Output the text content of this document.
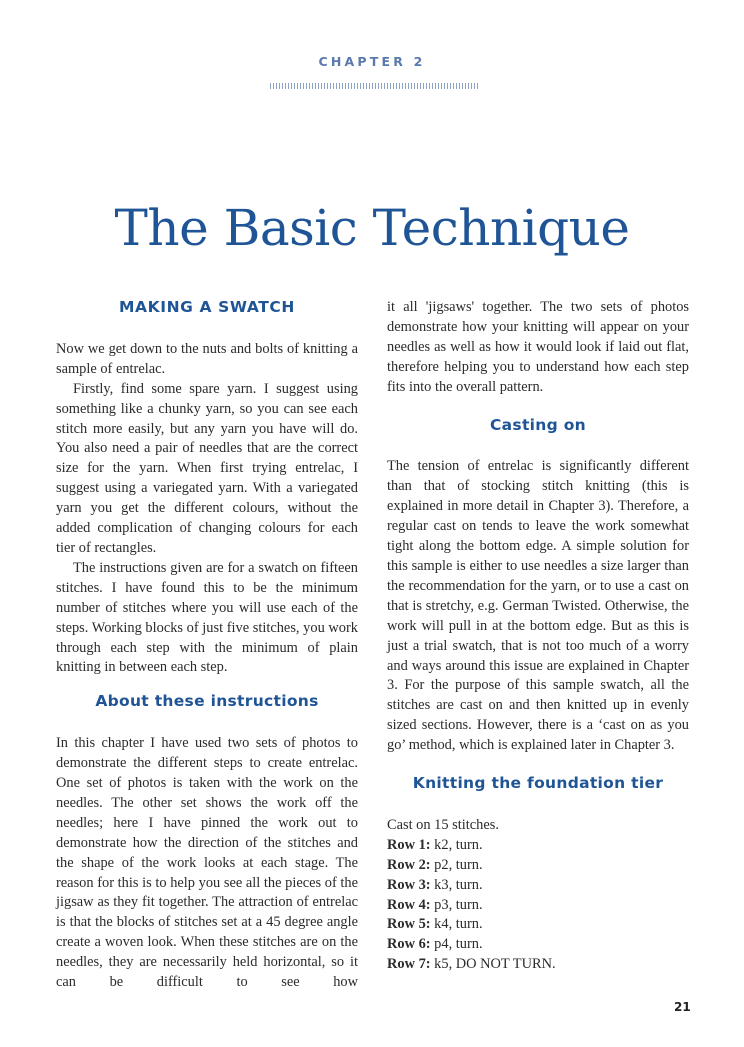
CHAPTER 2
The Basic Technique
MAKING A SWATCH

Now we get down to the nuts and bolts of knitting a sample of entrelac.

Firstly, find some spare yarn. I suggest using something like a chunky yarn, so you can see each stitch more easily, but any yarn you have will do. You also need a pair of needles that are the correct size for the yarn. When first trying entrelac, I suggest using a variegated yarn. With a variegated yarn you get the different colours, without the added complication of changing colours for each tier of rectangles.

The instructions given are for a swatch on fifteen stitches. I have found this to be the minimum number of stitches where you will use each of the steps. Working blocks of just five stitches, you work through each step with the minimum of plain knitting in between each step.

About these instructions

In this chapter I have used two sets of photos to demonstrate the different steps to create entrelac. One set of photos is taken with the work on the needles. The other set shows the work off the needles; here I have pinned the work out to demonstrate how the direction of the stitches and the shape of the work looks at each stage. The reason for this is to help you see all the pieces of the jigsaw as they fit together. The attraction of entrelac is that the blocks of stitches set at a 45 degree angle create a woven look. When these stitches are on the needles, they are necessarily held horizontal, so it can be difficult to see how

it all 'jigsaws' together. The two sets of photos demonstrate how your knitting will appear on your needles as well as how it would look if laid out flat, therefore helping you to understand how each step fits into the overall pattern.

Casting on

The tension of entrelac is significantly different than that of stocking stitch knitting (this is explained in more detail in Chapter 3). Therefore, a regular cast on tends to leave the work somewhat tight along the bottom edge. A simple solution for this sample is either to use needles a size larger than the recommendation for the yarn, or to use a cast on that is stretchy, e.g. German Twisted. Otherwise, the work will pull in at the bottom edge. But as this is just a trial swatch, that is not too much of a worry and ways around this issue are explained in Chapter 3. For the purpose of this sample swatch, all the stitches are cast on and then knitted up in evenly sized sections. However, there is a ‘cast on as you go’ method, which is explained later in Chapter 3.

Knitting the foundation tier

Cast on 15 stitches.

Row 1: k2, turn.

Row 2: p2, turn.

Row 3: k3, turn.

Row 4: p3, turn.

Row 5: k4, turn.

Row 6: p4, turn.

Row 7: k5, DO NOT TURN.

21
